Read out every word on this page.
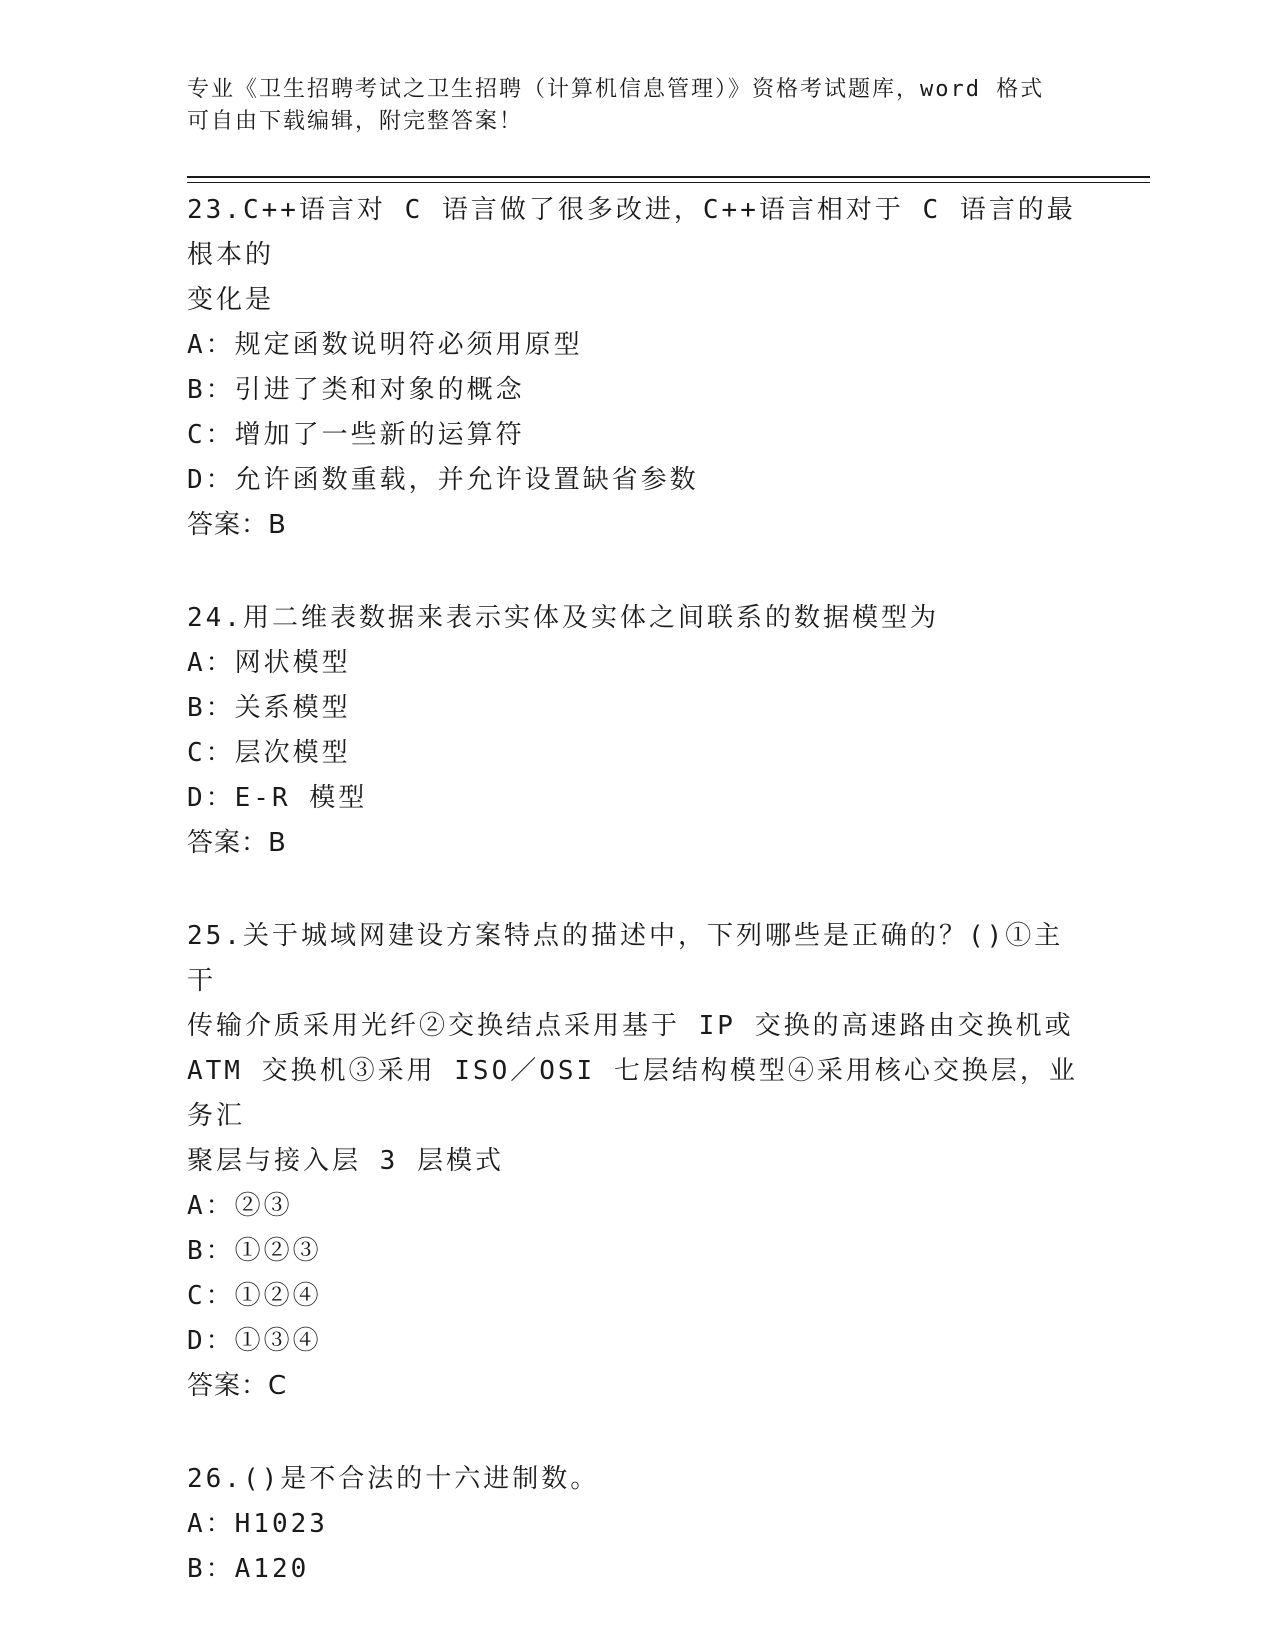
专业《卫生招聘考试之卫生招聘（计算机信息管理）》资格考试题库，word 格式
可自由下载编辑，附完整答案！
23.C++语言对 C 语言做了很多改进，C++语言相对于 C 语言的最根本的
变化是
A：规定函数说明符必须用原型
B：引进了类和对象的概念
C：增加了一些新的运算符
D：允许函数重载，并允许设置缺省参数
答案：B
24.用二维表数据来表示实体及实体之间联系的数据模型为
A：网状模型
B：关系模型
C：层次模型
D：E-R 模型
答案：B
25.关于城域网建设方案特点的描述中，下列哪些是正确的？()①主干
传输介质采用光纤②交换结点采用基于 IP 交换的高速路由交换机或
ATM 交换机③采用 ISO／OSI 七层结构模型④采用核心交换层，业务汇
聚层与接入层 3 层模式
A：②③
B：①②③
C：①②④
D：①③④
答案：C
26.()是不合法的十六进制数。
A：H1023
B：A120
